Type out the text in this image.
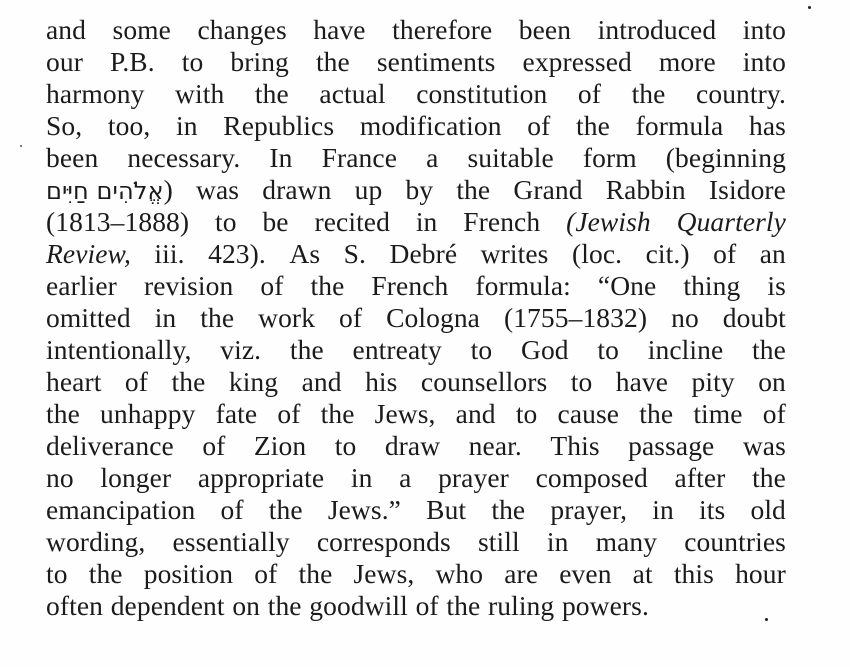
and some changes have therefore been introduced into
our P.B. to bring the sentiments expressed more into
harmony with the actual constitution of the country.
So, too, in Republics modification of the formula has
been necessary. In France a suitable form (beginning
אֱלֹהִים חַיִּים) was drawn up by the Grand Rabbin Isidore
(1813–1888) to be recited in French (Jewish Quarterly
Review, iii. 423). As S. Debré writes (loc. cit.) of an
earlier revision of the French formula: “One thing is
omitted in the work of Cologna (1755–1832) no doubt
intentionally, viz. the entreaty to God to incline the
heart of the king and his counsellors to have pity on
the unhappy fate of the Jews, and to cause the time of
deliverance of Zion to draw near. This passage was
no longer appropriate in a prayer composed after the
emancipation of the Jews.” But the prayer, in its old
wording, essentially corresponds still in many countries
to the position of the Jews, who are even at this hour
often dependent on the goodwill of the ruling powers.
